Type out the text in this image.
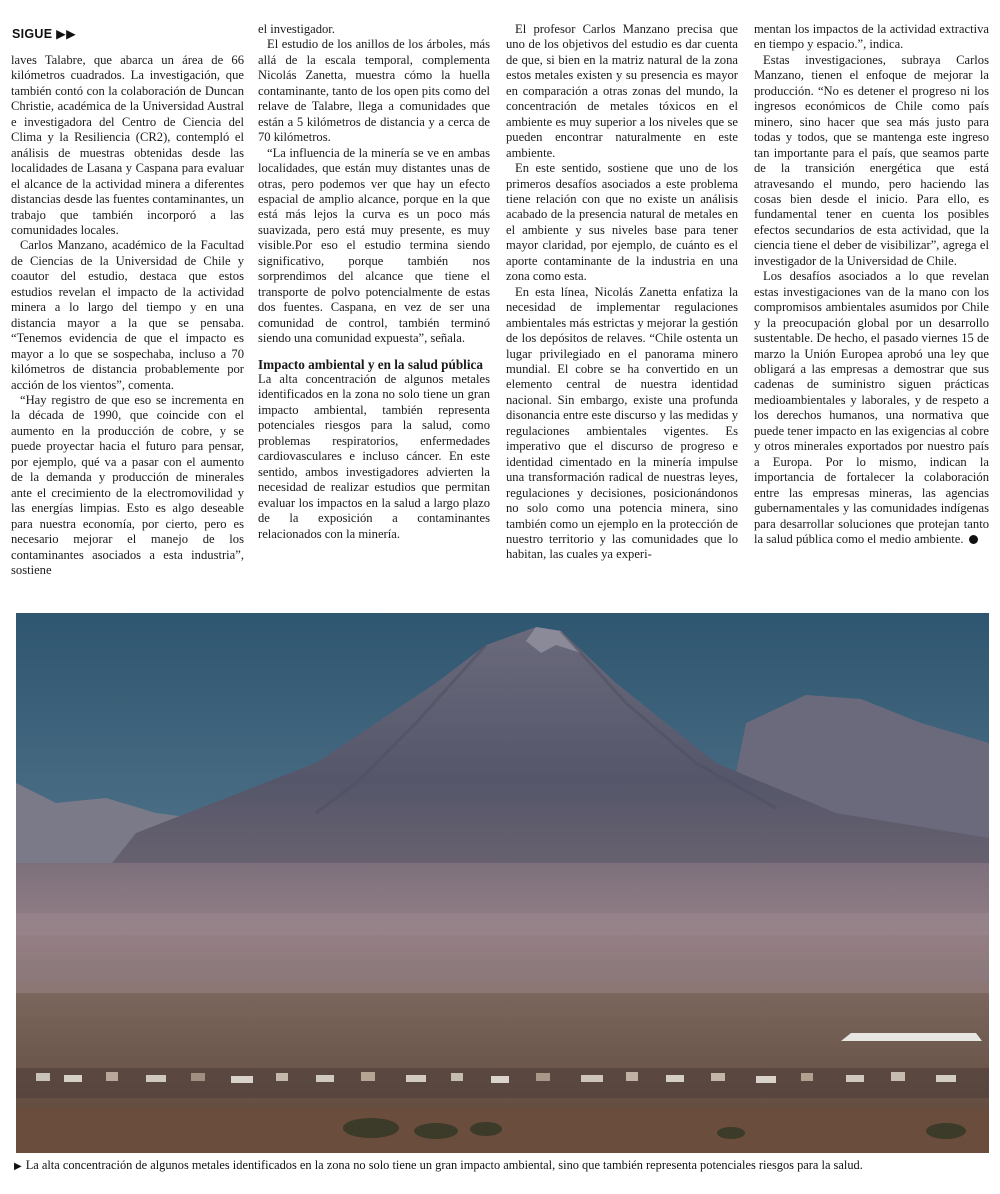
SIGUE ▶▶

laves Talabre, que abarca un área de 66 kilómetros cuadrados. La investigación, que también contó con la colaboración de Duncan Christie, académica de la Universidad Austral e investigadora del Centro de Ciencia del Clima y la Resiliencia (CR2), contempló el análisis de muestras obtenidas desde las localidades de Lasana y Caspana para evaluar el alcance de la actividad minera a diferentes distancias desde las fuentes contaminantes, un trabajo que también incorporó a las comunidades locales.

Carlos Manzano, académico de la Facultad de Ciencias de la Universidad de Chile y coautor del estudio, destaca que estos estudios revelan el impacto de la actividad minera a lo largo del tiempo y en una distancia mayor a la que se pensaba. “Tenemos evidencia de que el impacto es mayor a lo que se sospechaba, incluso a 70 kilómetros de distancia probablemente por acción de los vientos”, comenta.

“Hay registro de que eso se incrementa en la década de 1990, que coincide con el aumento en la producción de cobre, y se puede proyectar hacia el futuro para pensar, por ejemplo, qué va a pasar con el aumento de la demanda y producción de minerales ante el crecimiento de la electromovilidad y las energías limpias. Esto es algo deseable para nuestra economía, por cierto, pero es necesario mejorar el manejo de los contaminantes asociados a esta industria”, sostiene

el investigador.

El estudio de los anillos de los árboles, más allá de la escala temporal, complementa Nicolás Zanetta, muestra cómo la huella contaminante, tanto de los open pits como del relave de Talabre, llega a comunidades que están a 5 kilómetros de distancia y a cerca de 70 kilómetros.

“La influencia de la minería se ve en ambas localidades, que están muy distantes unas de otras, pero podemos ver que hay un efecto espacial de amplio alcance, porque en la que está más lejos la curva es un poco más suavizada, pero está muy presente, es muy visible.Por eso el estudio termina siendo significativo, porque también nos sorprendimos del alcance que tiene el transporte de polvo potencialmente de estas dos fuentes. Caspana, en vez de ser una comunidad de control, también terminó siendo una comunidad expuesta”, señala.

Impacto ambiental y en la salud pública

La alta concentración de algunos metales identificados en la zona no solo tiene un gran impacto ambiental, también representa potenciales riesgos para la salud, como problemas respiratorios, enfermedades cardiovasculares e incluso cáncer. En este sentido, ambos investigadores advierten la necesidad de realizar estudios que permitan evaluar los impactos en la salud a largo plazo de la exposición a contaminantes relacionados con la minería.

El profesor Carlos Manzano precisa que uno de los objetivos del estudio es dar cuenta de que, si bien en la matriz natural de la zona estos metales existen y su presencia es mayor en comparación a otras zonas del mundo, la concentración de metales tóxicos en el ambiente es muy superior a los niveles que se pueden encontrar naturalmente en este ambiente.

En este sentido, sostiene que uno de los primeros desafíos asociados a este problema tiene relación con que no existe un análisis acabado de la presencia natural de metales en el ambiente y sus niveles base para tener mayor claridad, por ejemplo, de cuánto es el aporte contaminante de la industria en una zona como esta.

En esta línea, Nicolás Zanetta enfatiza la necesidad de implementar regulaciones ambientales más estrictas y mejorar la gestión de los depósitos de relaves. “Chile ostenta un lugar privilegiado en el panorama minero mundial. El cobre se ha convertido en un elemento central de nuestra identidad nacional. Sin embargo, existe una profunda disonancia entre este discurso y las medidas y regulaciones ambientales vigentes. Es imperativo que el discurso de progreso e identidad cimentado en la minería impulse una transformación radical de nuestras leyes, regulaciones y decisiones, posicionándonos no solo como una potencia minera, sino también como un ejemplo en la protección de nuestro territorio y las comunidades que lo habitan, las cuales ya experi-

mentan los impactos de la actividad extractiva en tiempo y espacio.”, indica.

Estas investigaciones, subraya Carlos Manzano, tienen el enfoque de mejorar la producción. “No es detener el progreso ni los ingresos económicos de Chile como país minero, sino hacer que sea más justo para todas y todos, que se mantenga este ingreso tan importante para el país, que seamos parte de la transición energética que está atravesando el mundo, pero haciendo las cosas bien desde el inicio. Para ello, es fundamental tener en cuenta los posibles efectos secundarios de esta actividad, que la ciencia tiene el deber de visibilizar”, agrega el investigador de la Universidad de Chile.

Los desafíos asociados a lo que revelan estas investigaciones van de la mano con los compromisos ambientales asumidos por Chile y la preocupación global por un desarrollo sustentable. De hecho, el pasado viernes 15 de marzo la Unión Europea aprobó una ley que obligará a las empresas a demostrar que sus cadenas de suministro siguen prácticas medioambientales y laborales, y de respeto a los derechos humanos, una normativa que puede tener impacto en las exigencias al cobre y otros minerales exportados por nuestro país a Europa. Por lo mismo, indican la importancia de fortalecer la colaboración entre las empresas mineras, las agencias gubernamentales y las comunidades indígenas para desarrollar soluciones que protejan tanto la salud pública como el medio ambiente.

▶ La alta concentración de algunos metales identificados en la zona no solo tiene un gran impacto ambiental, sino que también representa potenciales riesgos para la salud.
